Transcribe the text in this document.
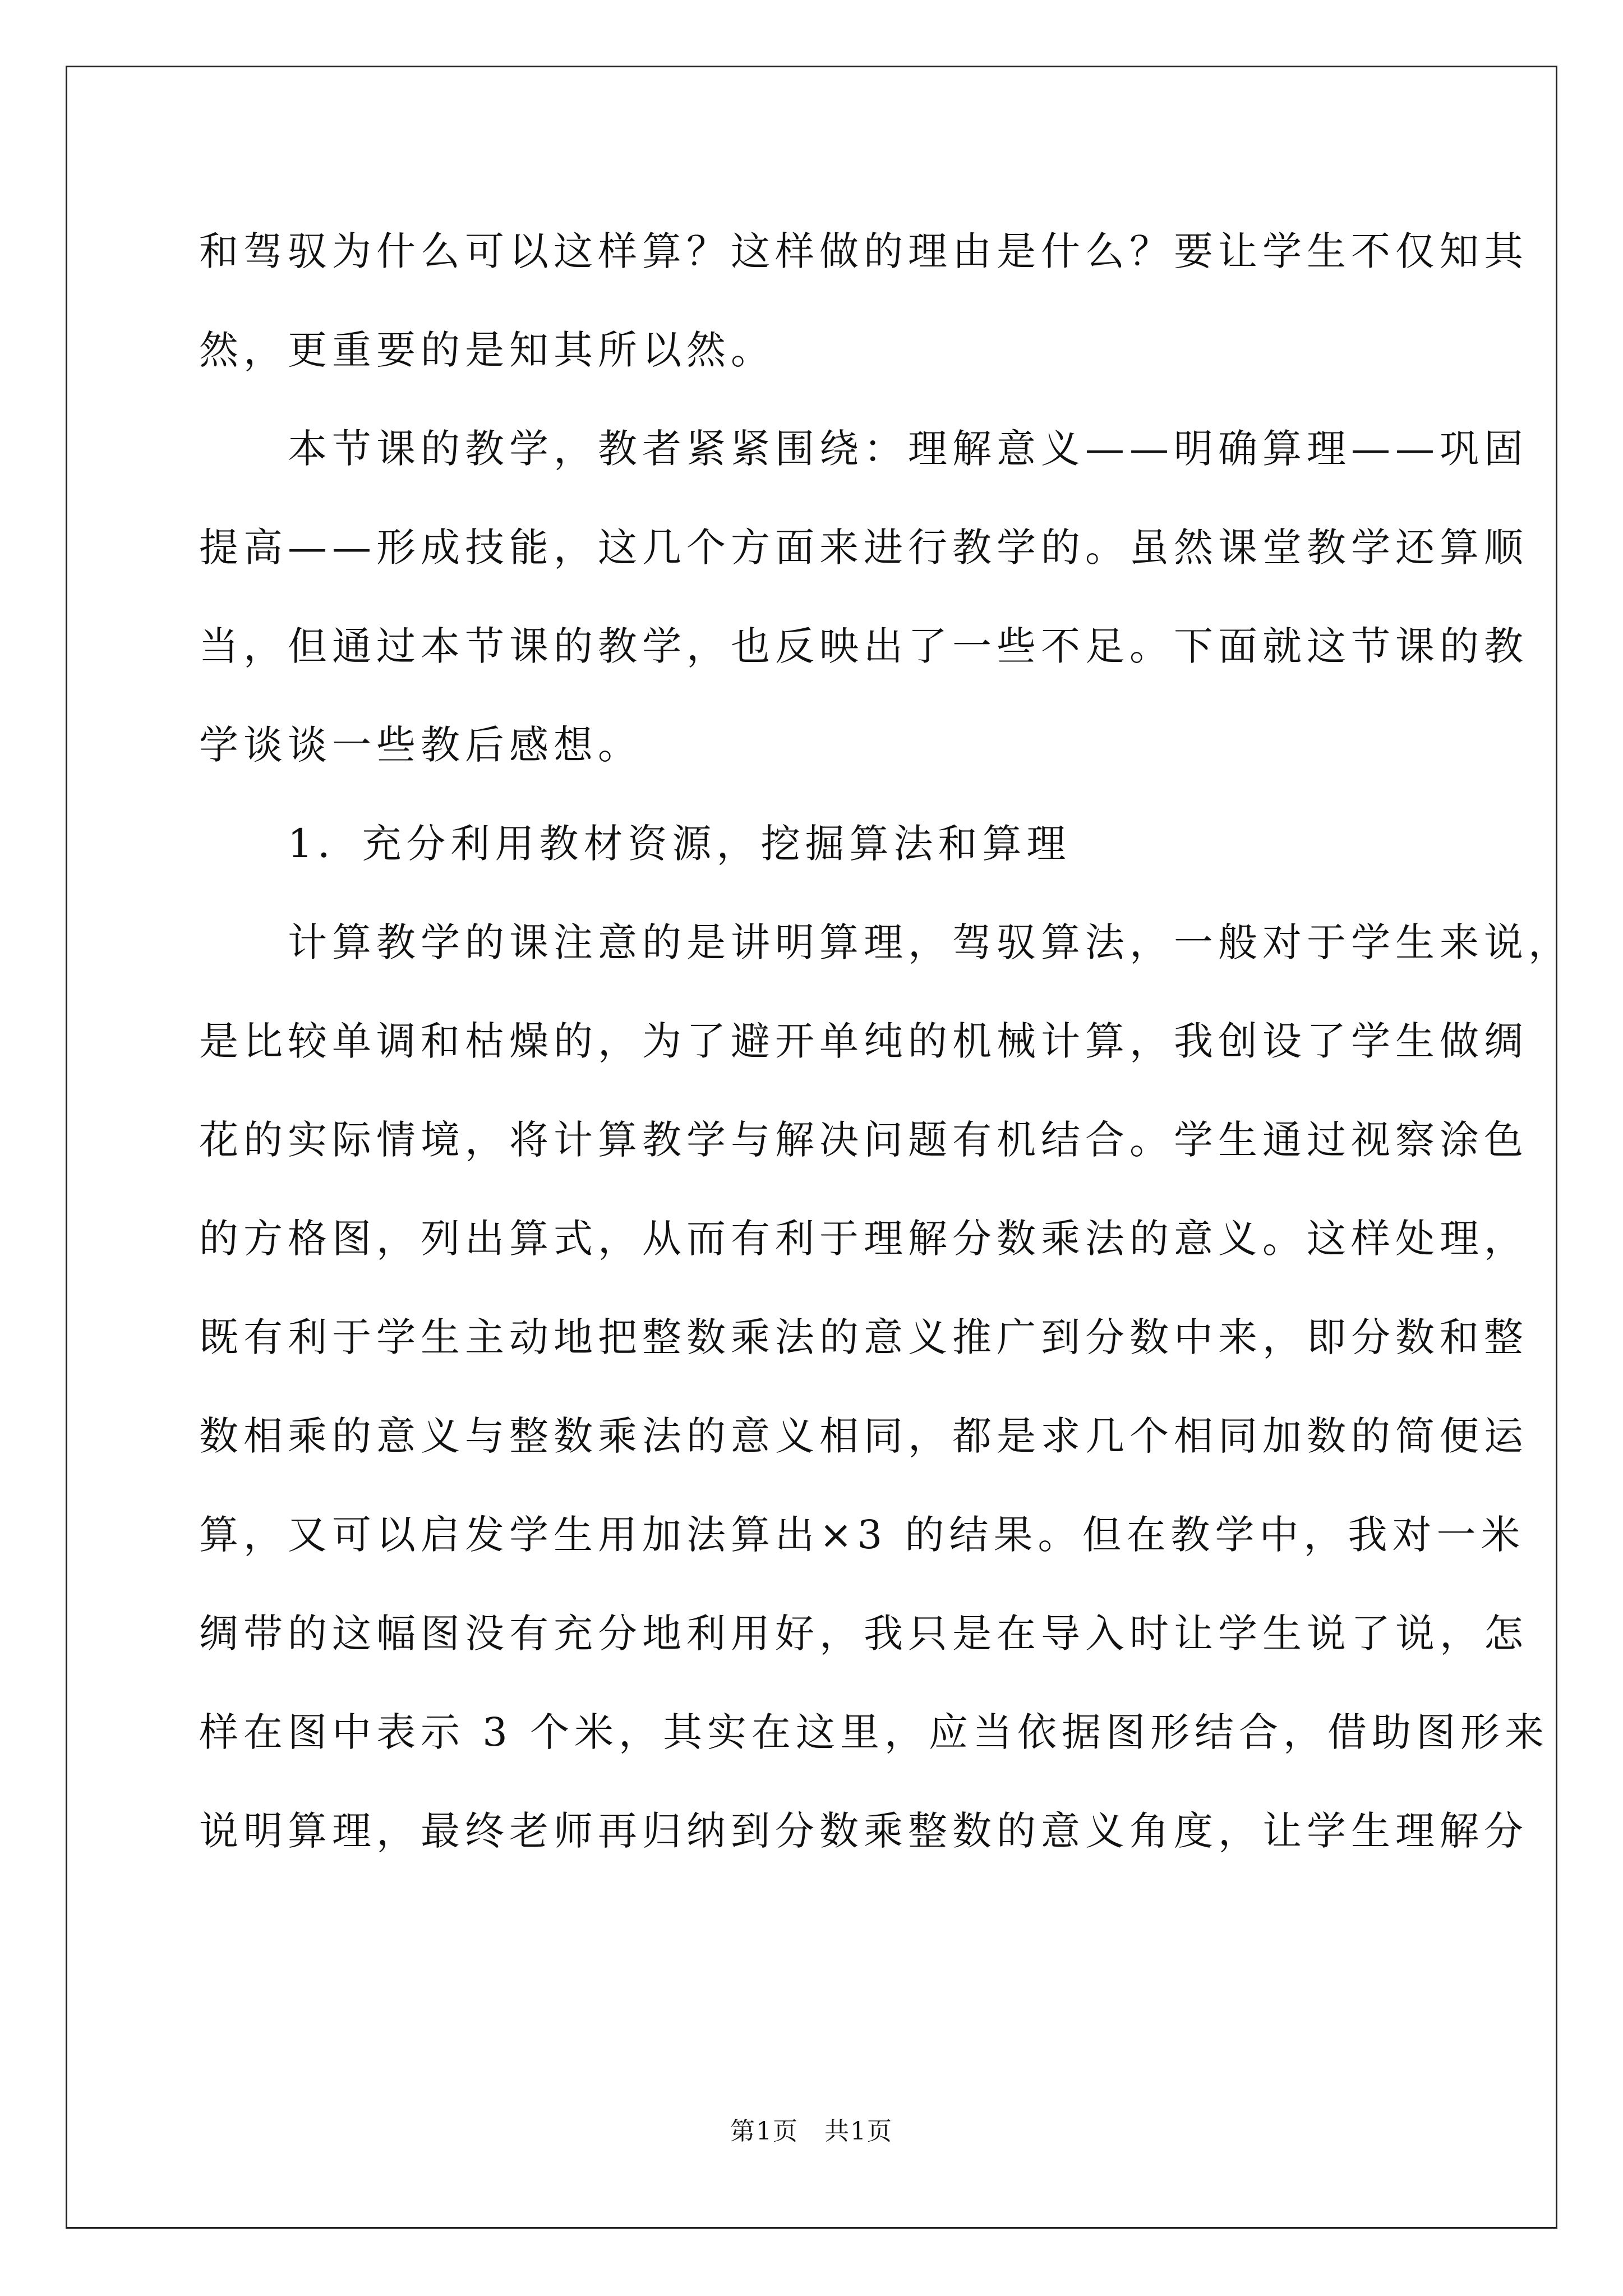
和驾驭为什么可以这样算？这样做的理由是什么？要让学生不仅知其
然，更重要的是知其所以然。
　　本节课的教学，教者紧紧围绕：理解意义——明确算理——巩固
提高——形成技能，这几个方面来进行教学的。虽然课堂教学还算顺
当，但通过本节课的教学，也反映出了一些不足。下面就这节课的教
学谈谈一些教后感想。
　　1．充分利用教材资源，挖掘算法和算理
　　计算教学的课注意的是讲明算理，驾驭算法，一般对于学生来说，
是比较单调和枯燥的，为了避开单纯的机械计算，我创设了学生做绸
花的实际情境，将计算教学与解决问题有机结合。学生通过视察涂色
的方格图，列出算式，从而有利于理解分数乘法的意义。这样处理，
既有利于学生主动地把整数乘法的意义推广到分数中来，即分数和整
数相乘的意义与整数乘法的意义相同，都是求几个相同加数的简便运
算，又可以启发学生用加法算出×3 的结果。但在教学中，我对一米
绸带的这幅图没有充分地利用好，我只是在导入时让学生说了说，怎
样在图中表示 3 个米，其实在这里，应当依据图形结合，借助图形来
说明算理，最终老师再归纳到分数乘整数的意义角度，让学生理解分
第1页　共1页
